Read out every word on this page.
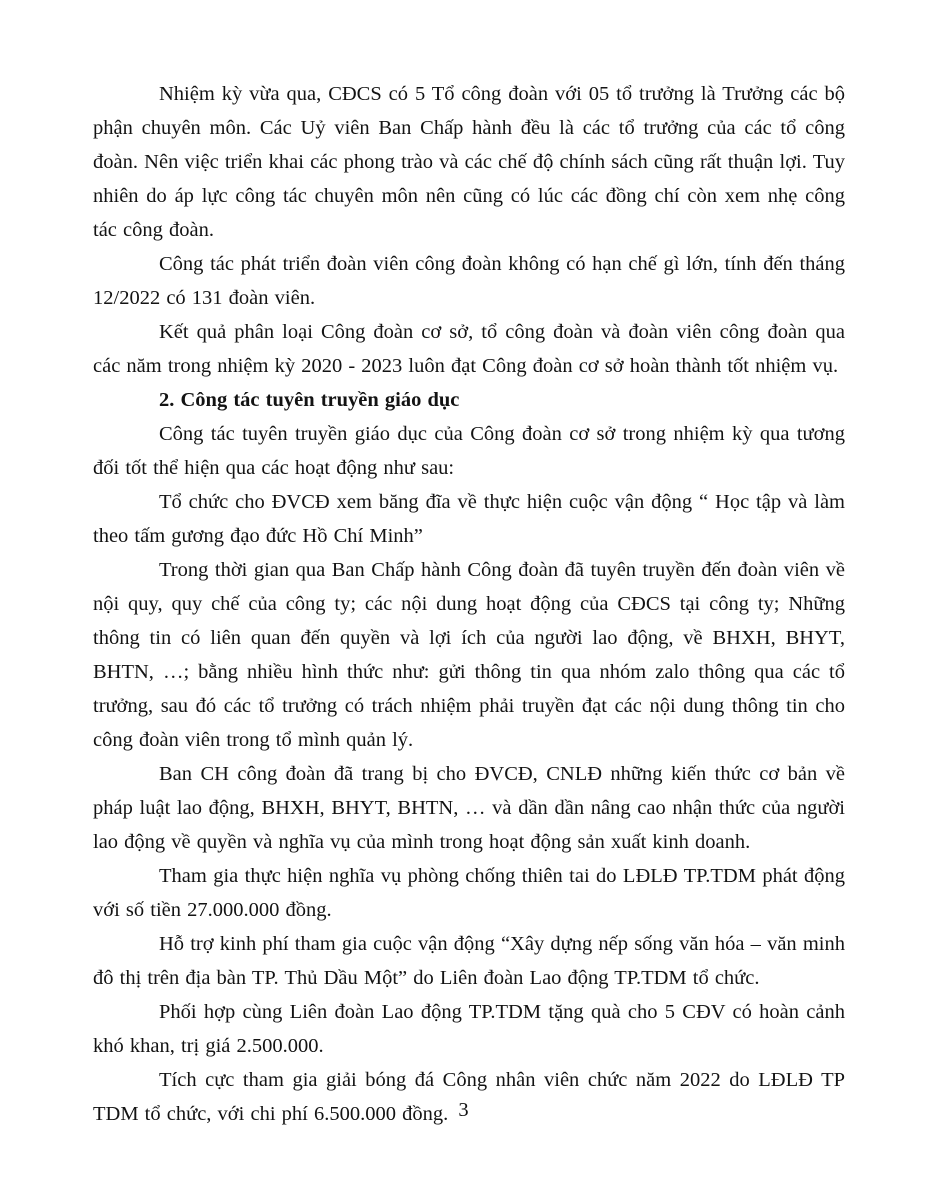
Nhiệm kỳ vừa qua, CĐCS có 5 Tổ công đoàn với 05 tổ trưởng là Trưởng các bộ phận chuyên môn. Các Uỷ viên Ban Chấp hành đều là các tổ trưởng của các tổ công đoàn. Nên việc triển khai các phong trào và các chế độ chính sách cũng rất thuận lợi. Tuy nhiên do áp lực công tác chuyên môn nên cũng có lúc các đồng chí còn xem nhẹ công tác công đoàn.

Công tác phát triển đoàn viên công đoàn không có hạn chế gì lớn, tính đến tháng 12/2022 có 131 đoàn viên.

Kết quả phân loại Công đoàn cơ sở, tổ công đoàn và đoàn viên công đoàn qua các năm trong nhiệm kỳ 2020 - 2023 luôn đạt Công đoàn cơ sở hoàn thành tốt nhiệm vụ.

2. Công tác tuyên truyền giáo dục

Công tác tuyên truyền giáo dục của Công đoàn cơ sở trong nhiệm kỳ qua tương đối tốt thể hiện qua các hoạt động như sau:

Tổ chức cho ĐVCĐ xem băng đĩa về thực hiện cuộc vận động “ Học tập và làm theo tấm gương đạo đức Hồ Chí Minh”

Trong thời gian qua Ban Chấp hành Công đoàn đã tuyên truyền đến đoàn viên về nội quy, quy chế của công ty; các nội dung hoạt động của CĐCS tại công ty; Những thông tin có liên quan đến quyền và lợi ích của người lao động, về BHXH, BHYT, BHTN, …; bằng nhiều hình thức như: gửi thông tin qua nhóm zalo thông qua các tổ trưởng, sau đó các tổ trưởng có trách nhiệm phải truyền đạt các nội dung thông tin cho công đoàn viên trong tổ mình quản lý.

Ban CH công đoàn đã trang bị cho ĐVCĐ, CNLĐ những kiến thức cơ bản về pháp luật lao động, BHXH, BHYT, BHTN, … và dần dần nâng cao nhận thức của người lao động về quyền và nghĩa vụ của mình trong hoạt động sản xuất kinh doanh.

Tham gia thực hiện nghĩa vụ phòng chống thiên tai do LĐLĐ TP.TDM phát động với số tiền 27.000.000 đồng.

Hỗ trợ kinh phí tham gia cuộc vận động “Xây dựng nếp sống văn hóa – văn minh đô thị trên địa bàn TP. Thủ Dầu Một” do Liên đoàn Lao động TP.TDM tổ chức.

Phối hợp cùng Liên đoàn Lao động TP.TDM tặng quà cho 5 CĐV có hoàn cảnh khó khan, trị giá 2.500.000.

Tích cực tham gia giải bóng đá Công nhân viên chức năm 2022 do LĐLĐ TP TDM tổ chức, với chi phí 6.500.000 đồng. 3
